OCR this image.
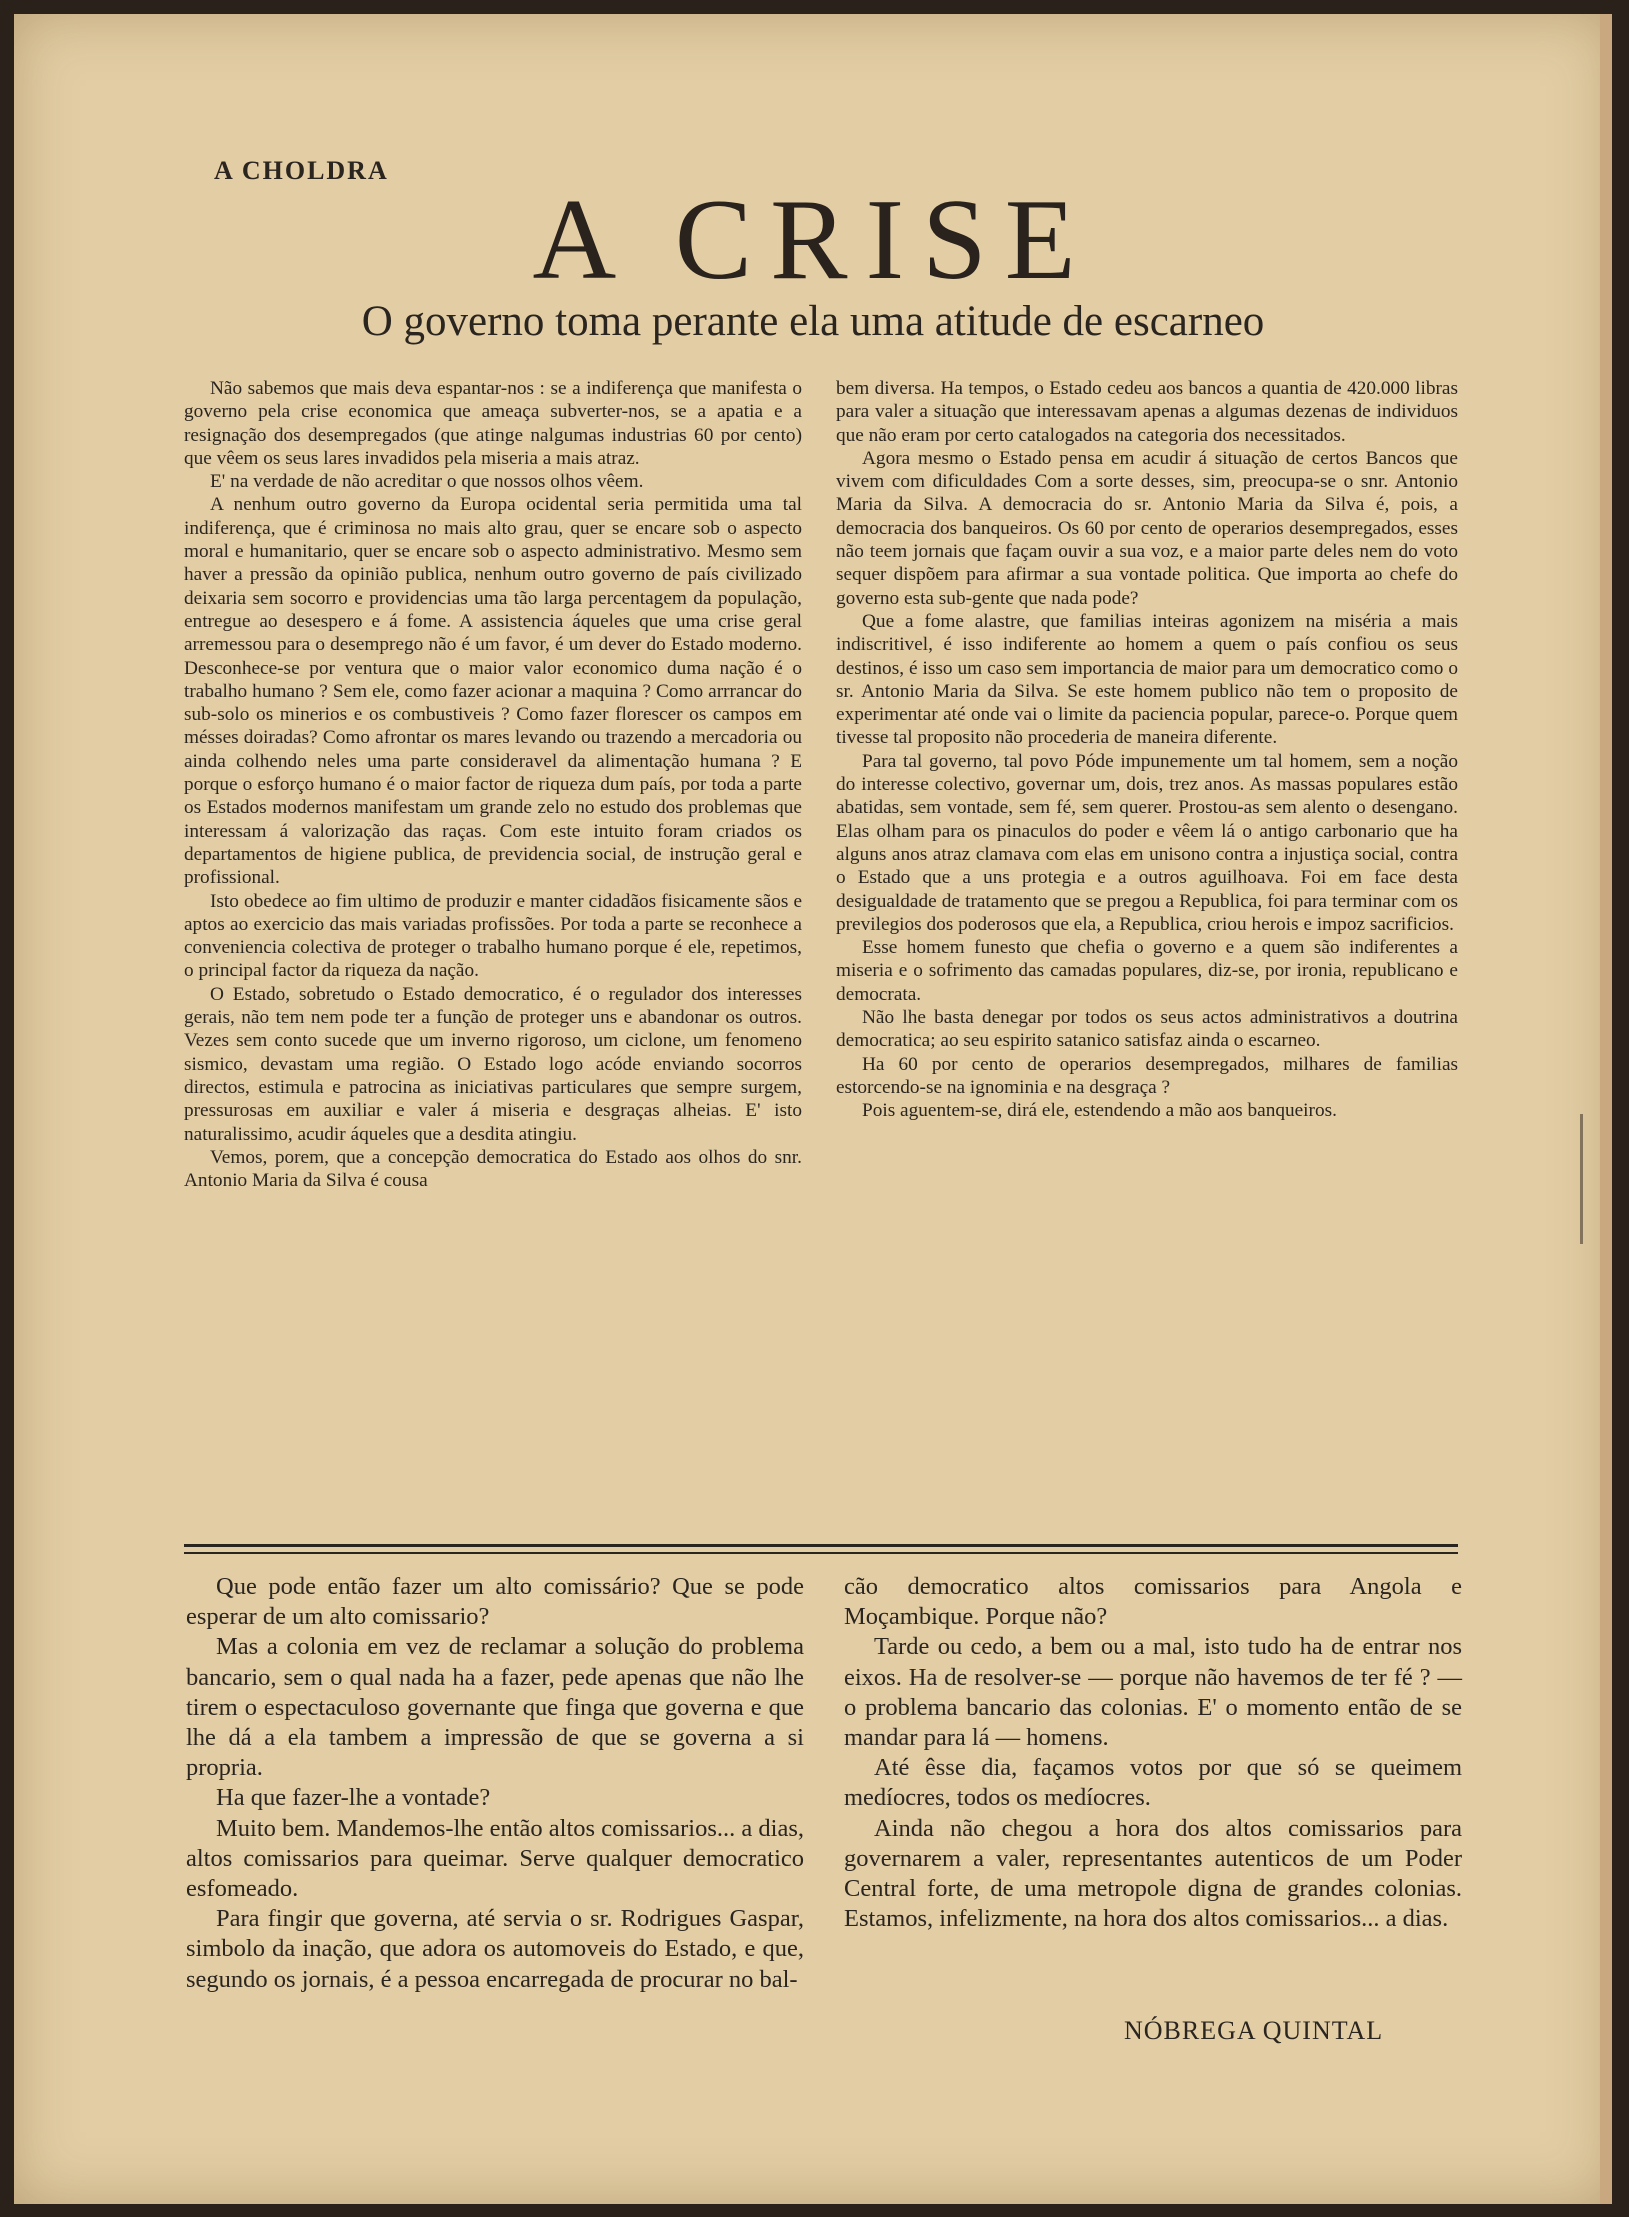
A CHOLDRA
A CRISE
O governo toma perante ela uma atitude de escarneo

Não sabemos que mais deva espantar-nos : se a indiferença que manifesta o governo pela crise economica que ameaça subverter-nos, se a apatia e a resignação dos desempregados (que atinge nalgumas industrias 60 por cento) que vêem os seus lares invadidos pela miseria a mais atraz.

E' na verdade de não acreditar o que nossos olhos vêem.

A nenhum outro governo da Europa ocidental seria permitida uma tal indiferença, que é criminosa no mais alto grau, quer se encare sob o aspecto moral e humanitario, quer se encare sob o aspecto administrativo. Mesmo sem haver a pressão da opinião publica, nenhum outro governo de país civilizado deixaria sem socorro e providencias uma tão larga percentagem da população, entregue ao desespero e á fome. A assistencia áqueles que uma crise geral arremessou para o desemprego não é um favor, é um dever do Estado moderno. Desconhece-se por ventura que o maior valor economico duma nação é o trabalho humano ? Sem ele, como fazer acionar a maquina ? Como arrrancar do sub-solo os minerios e os combustiveis ? Como fazer florescer os campos em mésses doiradas? Como afrontar os mares levando ou trazendo a mercadoria ou ainda colhendo neles uma parte consideravel da alimentação humana ? E porque o esforço humano é o maior factor de riqueza dum país, por toda a parte os Estados modernos manifestam um grande zelo no estudo dos problemas que interessam á valorização das raças. Com este intuito foram criados os departamentos de higiene publica, de previdencia social, de instrução geral e profissional.

Isto obedece ao fim ultimo de produzir e manter cidadãos fisicamente sãos e aptos ao exercicio das mais variadas profissões. Por toda a parte se reconhece a conveniencia colectiva de proteger o trabalho humano porque é ele, repetimos, o principal factor da riqueza da nação.

O Estado, sobretudo o Estado democratico, é o regulador dos interesses gerais, não tem nem pode ter a função de proteger uns e abandonar os outros. Vezes sem conto sucede que um inverno rigoroso, um ciclone, um fenomeno sismico, devastam uma região. O Estado logo acóde enviando socorros directos, estimula e patrocina as iniciativas particulares que sempre surgem, pressurosas em auxiliar e valer á miseria e desgraças alheias. E' isto naturalissimo, acudir áqueles que a desdita atingiu.

Vemos, porem, que a concepção democratica do Estado aos olhos do snr. Antonio Maria da Silva é cousa

bem diversa. Ha tempos, o Estado cedeu aos bancos a quantia de 420.000 libras para valer a situação que interessavam apenas a algumas dezenas de individuos que não eram por certo catalogados na categoria dos necessitados.

Agora mesmo o Estado pensa em acudir á situação de certos Bancos que vivem com dificuldades Com a sorte desses, sim, preocupa-se o snr. Antonio Maria da Silva. A democracia do sr. Antonio Maria da Silva é, pois, a democracia dos banqueiros. Os 60 por cento de operarios desempregados, esses não teem jornais que façam ouvir a sua voz, e a maior parte deles nem do voto sequer dispõem para afirmar a sua vontade politica. Que importa ao chefe do governo esta sub-gente que nada pode?

Que a fome alastre, que familias inteiras agonizem na miséria a mais indiscritivel, é isso indiferente ao homem a quem o país confiou os seus destinos, é isso um caso sem importancia de maior para um democratico como o sr. Antonio Maria da Silva. Se este homem publico não tem o proposito de experimentar até onde vai o limite da paciencia popular, parece-o. Porque quem tivesse tal proposito não procederia de maneira diferente.

Para tal governo, tal povo Póde impunemente um tal homem, sem a noção do interesse colectivo, governar um, dois, trez anos. As massas populares estão abatidas, sem vontade, sem fé, sem querer. Prostou-as sem alento o desengano. Elas olham para os pinaculos do poder e vêem lá o antigo carbonario que ha alguns anos atraz clamava com elas em unisono contra a injustiça social, contra o Estado que a uns protegia e a outros aguilhoava. Foi em face desta desigualdade de tratamento que se pregou a Republica, foi para terminar com os previlegios dos poderosos que ela, a Republica, criou herois e impoz sacrificios.

Esse homem funesto que chefia o governo e a quem são indiferentes a miseria e o sofrimento das camadas populares, diz-se, por ironia, republicano e democrata.

Não lhe basta denegar por todos os seus actos administrativos a doutrina democratica; ao seu espirito satanico satisfaz ainda o escarneo.

Ha 60 por cento de operarios desempregados, milhares de familias estorcendo-se na ignominia e na desgraça ?

Pois aguentem-se, dirá ele, estendendo a mão aos banqueiros.

Que pode então fazer um alto comissário? Que se pode esperar de um alto comissario?

Mas a colonia em vez de reclamar a solução do problema bancario, sem o qual nada ha a fazer, pede apenas que não lhe tirem o espectaculoso governante que finga que governa e que lhe dá a ela tambem a impressão de que se governa a si propria.

Ha que fazer-lhe a vontade?

Muito bem. Mandemos-lhe então altos comissarios... a dias, altos comissarios para queimar. Serve qualquer democratico esfomeado.

Para fingir que governa, até servia o sr. Rodrigues Gaspar, simbolo da inação, que adora os automoveis do Estado, e que, segundo os jornais, é a pessoa encarregada de procurar no bal-

cão democratico altos comissarios para Angola e Moçambique. Porque não?

Tarde ou cedo, a bem ou a mal, isto tudo ha de entrar nos eixos. Ha de resolver-se — porque não havemos de ter fé ? — o problema bancario das colonias. E' o momento então de se mandar para lá — homens.

Até êsse dia, façamos votos por que só se queimem medíocres, todos os medíocres.

Ainda não chegou a hora dos altos comissarios para governarem a valer, representantes autenticos de um Poder Central forte, de uma metropole digna de grandes colonias. Estamos, infelizmente, na hora dos altos comissarios... a dias.

NÓBREGA QUINTAL
